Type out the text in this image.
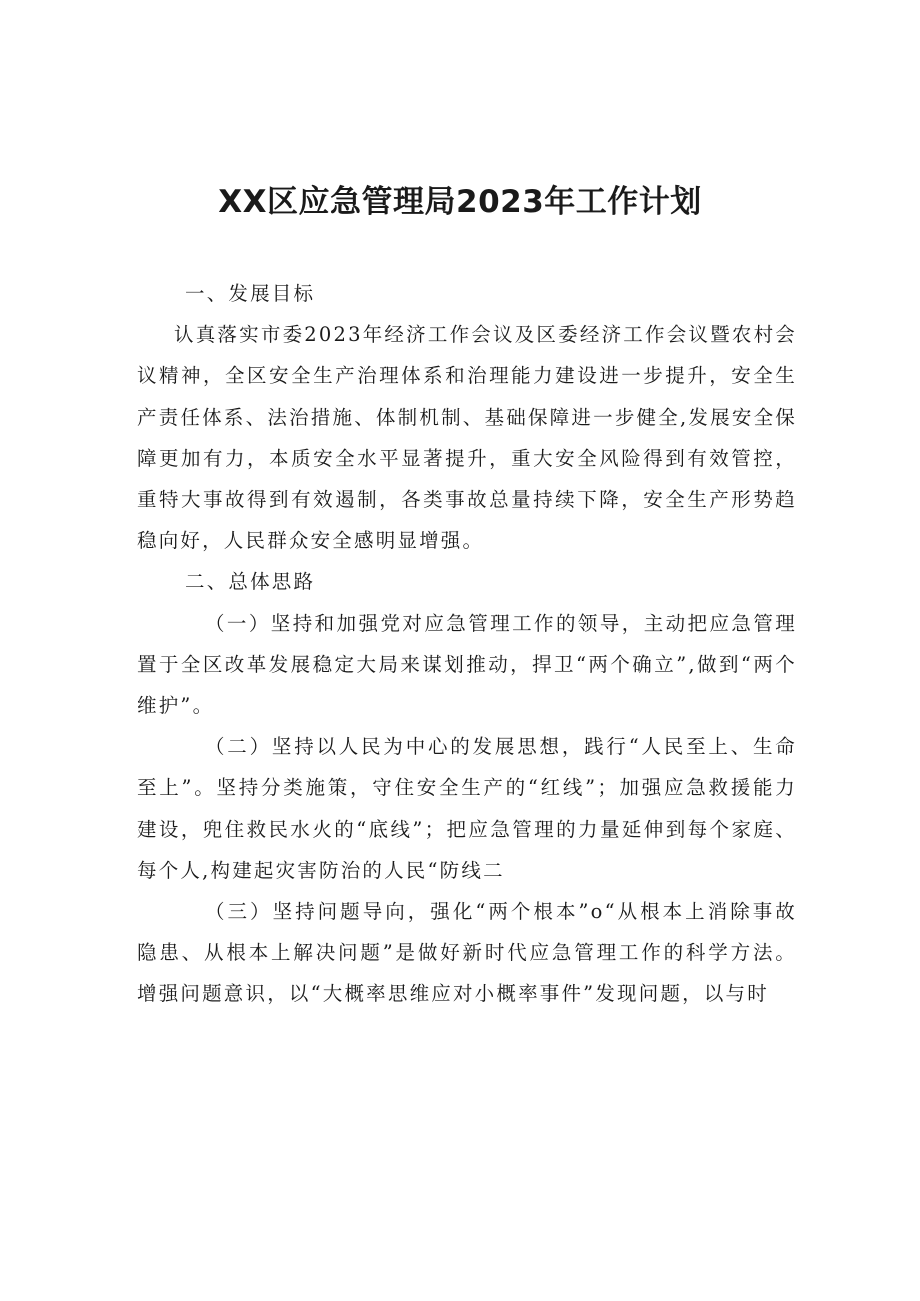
XX区应急管理局2023年工作计划

一、发展目标

认真落实市委2023年经济工作会议及区委经济工作会议暨农村会议精神，全区安全生产治理体系和治理能力建设进一步提升，安全生产责任体系、法治措施、体制机制、基础保障进一步健全,发展安全保障更加有力，本质安全水平显著提升，重大安全风险得到有效管控，重特大事故得到有效遏制，各类事故总量持续下降，安全生产形势趋稳向好，人民群众安全感明显增强。

二、总体思路

（一）坚持和加强党对应急管理工作的领导，主动把应急管理置于全区改革发展稳定大局来谋划推动，捍卫“两个确立”,做到“两个维护”。

（二）坚持以人民为中心的发展思想，践行“人民至上、生命至上”。坚持分类施策，守住安全生产的“红线”；加强应急救援能力建设，兜住救民水火的“底线”；把应急管理的力量延伸到每个家庭、每个人,构建起灾害防治的人民“防线二

（三）坚持问题导向，强化“两个根本”o“从根本上消除事故隐患、从根本上解决问题”是做好新时代应急管理工作的科学方法。增强问题意识，以“大概率思维应对小概率事件”发现问题，以与时
